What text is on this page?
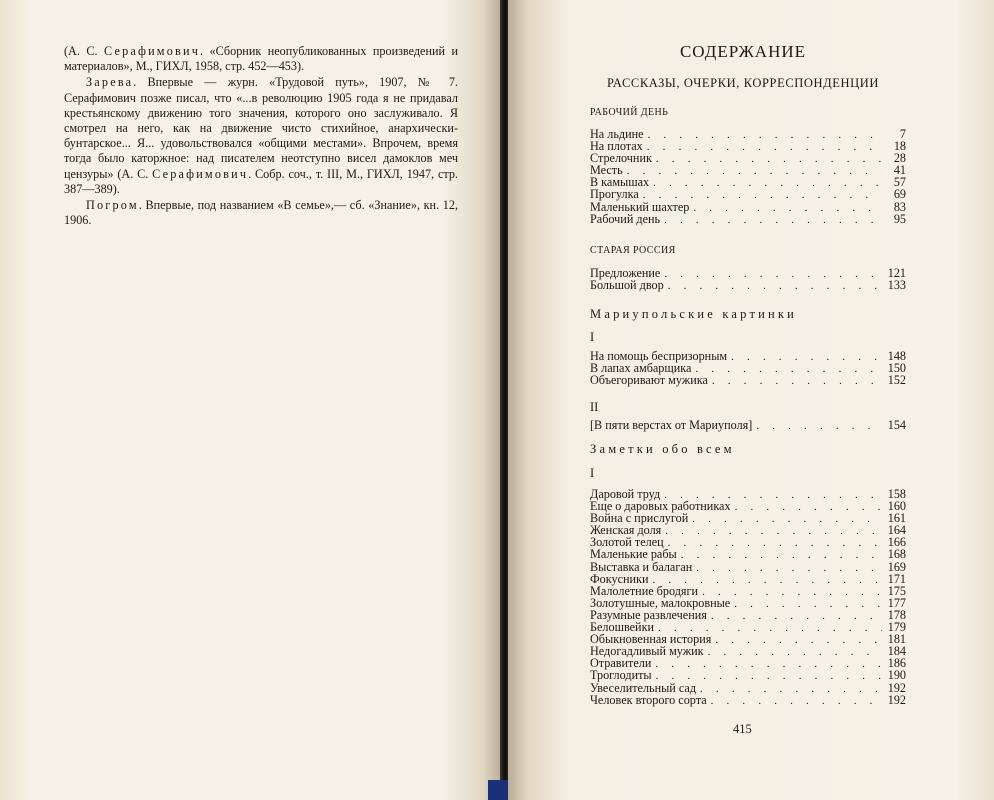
(А. С. Серафимович. «Сборник неопубликованных произведений и материалов», М., ГИХЛ, 1958, стр. 452—453).

Зарева. Впервые — журн. «Трудовой путь», 1907, № 7. Серафимович позже писал, что «...в революцию 1905 года я не придавал крестьянскому движению того значения, которого оно заслуживало. Я смотрел на него, как на движение чисто стихийное, анархически-бунтарское... Я... удовольствовался «общими местами». Впрочем, время тогда было каторжное: над писателем неотступно висел дамоклов меч цензуры» (А. С. Серафимович. Собр. соч., т. III, М., ГИХЛ, 1947, стр. 387—389).

Погром. Впервые, под названием «В семье»,— сб. «Знание», кн. 12, 1906.

СОДЕРЖАНИЕ
РАССКАЗЫ, ОЧЕРКИ, КОРРЕСПОНДЕНЦИИ
РАБОЧИЙ ДЕНЬ
На льдине . . .	7
На плотах . . .	18
Стрелочник . . .	28
Месть . . .	41
В камышах . . .	57
Прогулка . . .	69
Маленький шахтер . . .	83
Рабочий день . . .	95
СТАРАЯ РОССИЯ
Предложение . . .	121
Большой двор . . .	133
Мариупольские картинки
I
На помощь беспризорным . . .	148
В лапах амбарщика . . .	150
Объегоривают мужика . . .	152
II
[В пяти верстах от Мариуполя] . . .	154
Заметки обо всем
I
Даровой труд . . .	158
Еще о даровых работниках . . .	160
Война с прислугой . . .	161
Женская доля . . .	164
Золотой телец . . .	166
Маленькие рабы . . .	168
Выставка и балаган . . .	169
Фокусники . . .	171
Малолетние бродяги . . .	175
Золотушные, малокровные . . .	177
Разумные развлечения . . .	178
Белошвейки . . .	179
Обыкновенная история . . .	181
Недогадливый мужик . . .	184
Отравители . . .	186
Троглодиты . . .	190
Увеселительный сад . . .	192
Человек второго сорта . . .	192
415
